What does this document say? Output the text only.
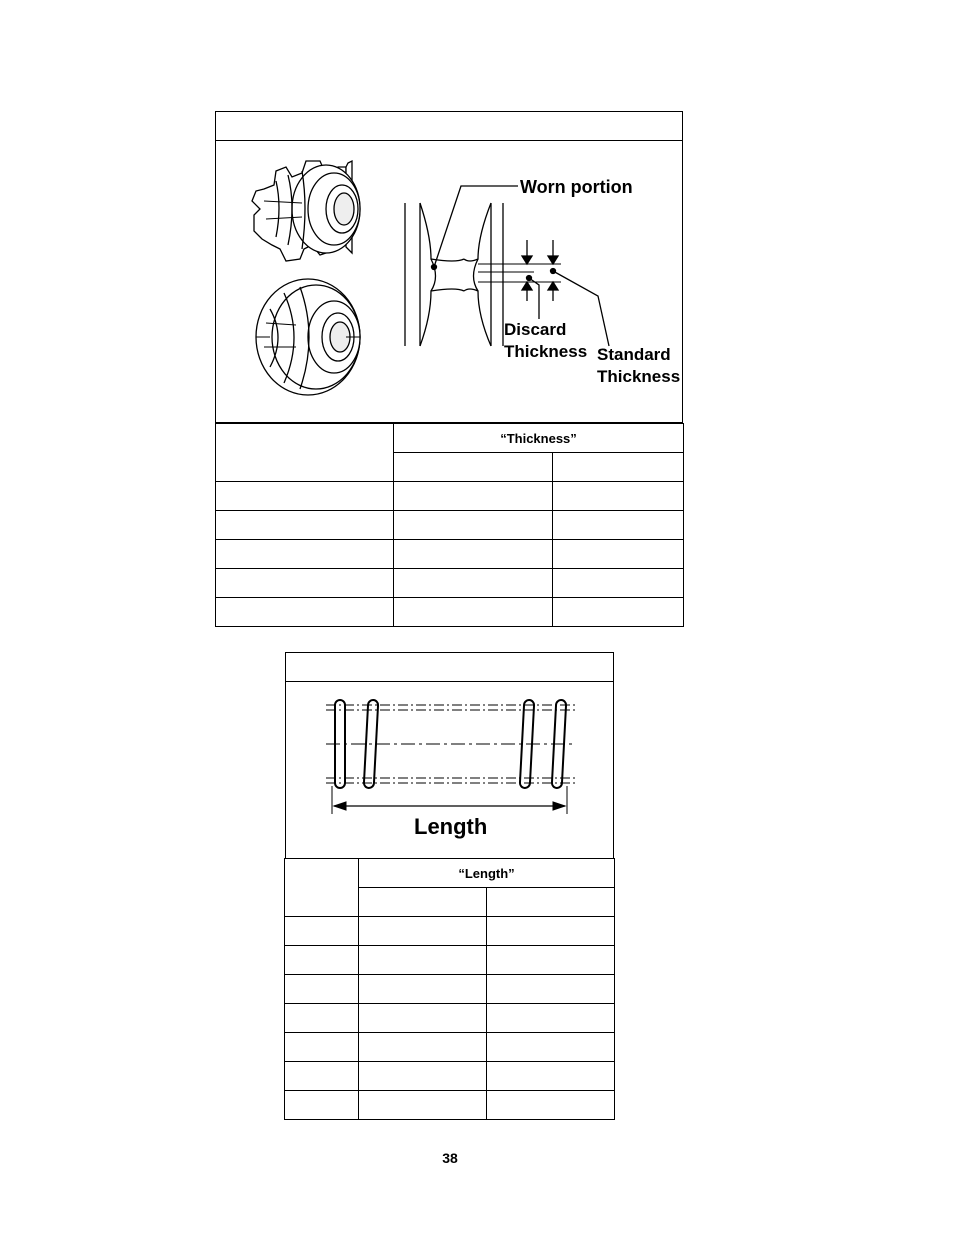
Worn portion
Discard
Thickness Standard
Thickness
	“Thickness”	

Length
	“Length”	

38
